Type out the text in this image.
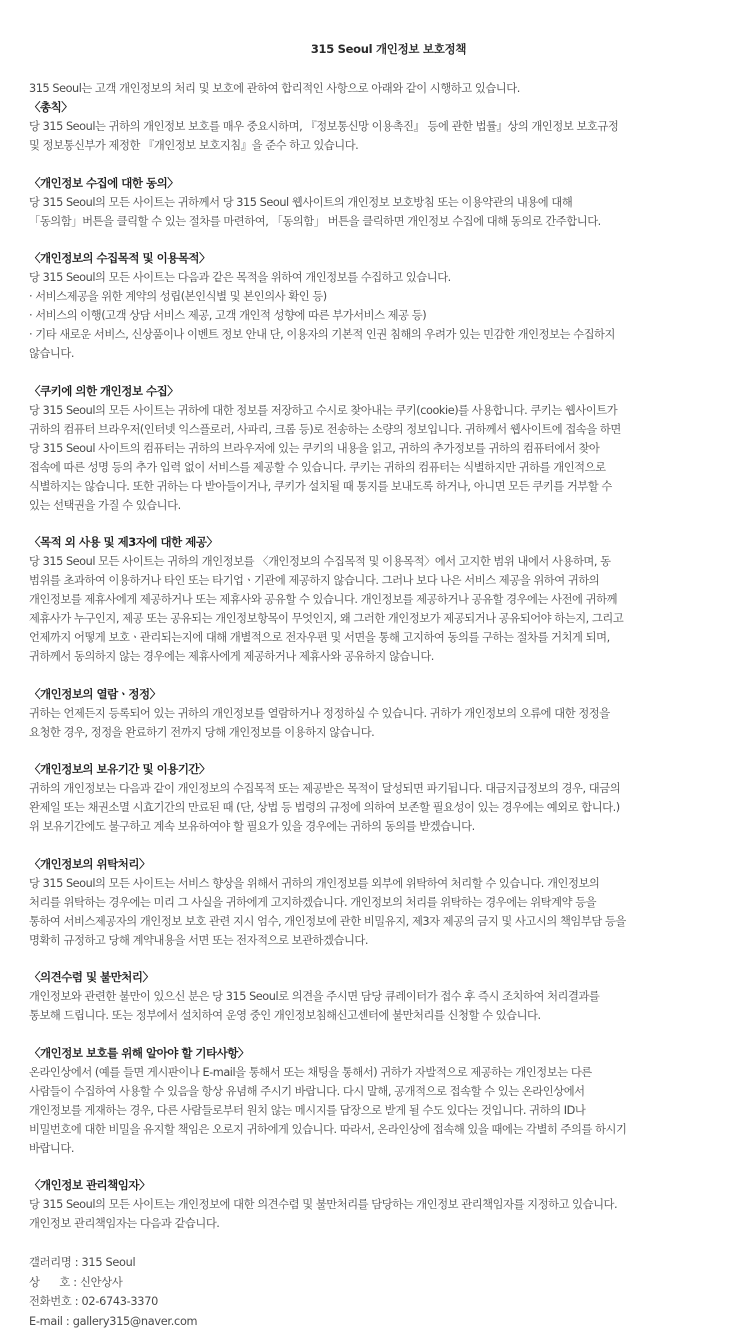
315 Seoul 개인정보 보호정책
315 Seoul는 고객 개인정보의 처리 및 보호에 관하여 합리적인 사항으로 아래와 같이 시행하고 있습니다.
〈총칙〉
당 315 Seoul는 귀하의 개인정보 보호를 매우 중요시하며, 『정보통신망 이용촉진』 등에 관한 법률』상의 개인정보 보호규정
및 정보통신부가 제정한 『개인정보 보호지침』을 준수 하고 있습니다.
〈개인정보 수집에 대한 동의〉
당 315 Seoul의 모든 사이트는 귀하께서 당 315 Seoul 웹사이트의 개인정보 보호방침 또는 이용약관의 내용에 대해
「동의함」버튼을 클릭할 수 있는 절차를 마련하여, 「동의함」 버튼을 클릭하면 개인정보 수집에 대해 동의로 간주합니다.
〈개인정보의 수집목적 및 이용목적〉
당 315 Seoul의 모든 사이트는 다음과 같은 목적을 위하여 개인정보를 수집하고 있습니다.
· 서비스제공을 위한 계약의 성립(본인식별 및 본인의사 확인 등)
· 서비스의 이행(고객 상담 서비스 제공, 고객 개인적 성향에 따른 부가서비스 제공 등)
· 기타 새로운 서비스, 신상품이나 이벤트 정보 안내 단, 이용자의 기본적 인권 침해의 우려가 있는 민감한 개인정보는 수집하지
않습니다.
〈쿠키에 의한 개인정보 수집〉
당 315 Seoul의 모든 사이트는 귀하에 대한 정보를 저장하고 수시로 찾아내는 쿠키(cookie)를 사용합니다. 쿠키는 웹사이트가
귀하의 컴퓨터 브라우저(인터넷 익스플로러, 사파리, 크롬 등)로 전송하는 소량의 정보입니다. 귀하께서 웹사이트에 접속을 하면
당 315 Seoul 사이트의 컴퓨터는 귀하의 브라우저에 있는 쿠키의 내용을 읽고, 귀하의 추가정보를 귀하의 컴퓨터에서 찾아
접속에 따른 성명 등의 추가 입력 없이 서비스를 제공할 수 있습니다. 쿠키는 귀하의 컴퓨터는 식별하지만 귀하를 개인적으로
식별하지는 않습니다. 또한 귀하는 다 받아들이거나, 쿠키가 설치될 때 통지를 보내도록 하거나, 아니면 모든 쿠키를 거부할 수
있는 선택권을 가질 수 있습니다.
〈목적 외 사용 및 제3자에 대한 제공〉
당 315 Seoul 모든 사이트는 귀하의 개인정보를 〈개인정보의 수집목적 및 이용목적〉에서 고지한 범위 내에서 사용하며, 동
범위를 초과하여 이용하거나 타인 또는 타기업ㆍ기관에 제공하지 않습니다. 그러나 보다 나은 서비스 제공을 위하여 귀하의
개인정보를 제휴사에게 제공하거나 또는 제휴사와 공유할 수 있습니다. 개인정보를 제공하거나 공유할 경우에는 사전에 귀하께
제휴사가 누구인지, 제공 또는 공유되는 개인정보항목이 무엇인지, 왜 그러한 개인정보가 제공되거나 공유되어야 하는지, 그리고
언제까지 어떻게 보호ㆍ관리되는지에 대해 개별적으로 전자우편 및 서면을 통해 고지하여 동의를 구하는 절차를 거치게 되며,
귀하께서 동의하지 않는 경우에는 제휴사에게 제공하거나 제휴사와 공유하지 않습니다.
〈개인정보의 열람ㆍ정정〉
귀하는 언제든지 등록되어 있는 귀하의 개인정보를 열람하거나 정정하실 수 있습니다. 귀하가 개인정보의 오류에 대한 정정을
요청한 경우, 정정을 완료하기 전까지 당해 개인정보를 이용하지 않습니다.
〈개인정보의 보유기간 및 이용기간〉
귀하의 개인정보는 다음과 같이 개인정보의 수집목적 또는 제공받은 목적이 달성되면 파기됩니다. 대금지급정보의 경우, 대금의
완제일 또는 채권소멸 시효기간의 만료된 때 (단, 상법 등 법령의 규정에 의하여 보존할 필요성이 있는 경우에는 예외로 합니다.)
위 보유기간에도 불구하고 계속 보유하여야 할 필요가 있을 경우에는 귀하의 동의를 받겠습니다.
〈개인정보의 위탁처리〉
당 315 Seoul의 모든 사이트는 서비스 향상을 위해서 귀하의 개인정보를 외부에 위탁하여 처리할 수 있습니다. 개인정보의
처리를 위탁하는 경우에는 미리 그 사실을 귀하에게 고지하겠습니다. 개인정보의 처리를 위탁하는 경우에는 위탁계약 등을
통하여 서비스제공자의 개인정보 보호 관련 지시 엄수, 개인정보에 관한 비밀유지, 제3자 제공의 금지 및 사고시의 책임부담 등을
명확히 규정하고 당해 계약내용을 서면 또는 전자적으로 보관하겠습니다.
〈의견수렴 및 불만처리〉
개인정보와 관련한 불만이 있으신 분은 당 315 Seoul로 의견을 주시면 담당 큐레이터가 접수 후 즉시 조치하여 처리결과를
통보해 드립니다. 또는 정부에서 설치하여 운영 중인 개인정보침해신고센터에 불만처리를 신청할 수 있습니다.
〈개인정보 보호를 위해 알아야 할 기타사항〉
온라인상에서 (예를 들면 게시판이나 E-mail을 통해서 또는 채팅을 통해서) 귀하가 자발적으로 제공하는 개인정보는 다른
사람들이 수집하여 사용할 수 있음을 항상 유념해 주시기 바랍니다. 다시 말해, 공개적으로 접속할 수 있는 온라인상에서
개인정보를 게재하는 경우, 다른 사람들로부터 원치 않는 메시지를 답장으로 받게 될 수도 있다는 것입니다. 귀하의 ID나
비밀번호에 대한 비밀을 유지할 책임은 오로지 귀하에게 있습니다. 따라서, 온라인상에 접속해 있을 때에는 각별히 주의를 하시기
바랍니다.
〈개인정보 관리책임자〉
당 315 Seoul의 모든 사이트는 개인정보에 대한 의견수렴 및 불만처리를 담당하는 개인정보 관리책임자를 지정하고 있습니다.
개인정보 관리책임자는 다음과 같습니다.
갤러리명 : 315 Seoul
상      호 : 신안상사
전화번호 : 02-6743-3370
E-mail : gallery315@naver.com
